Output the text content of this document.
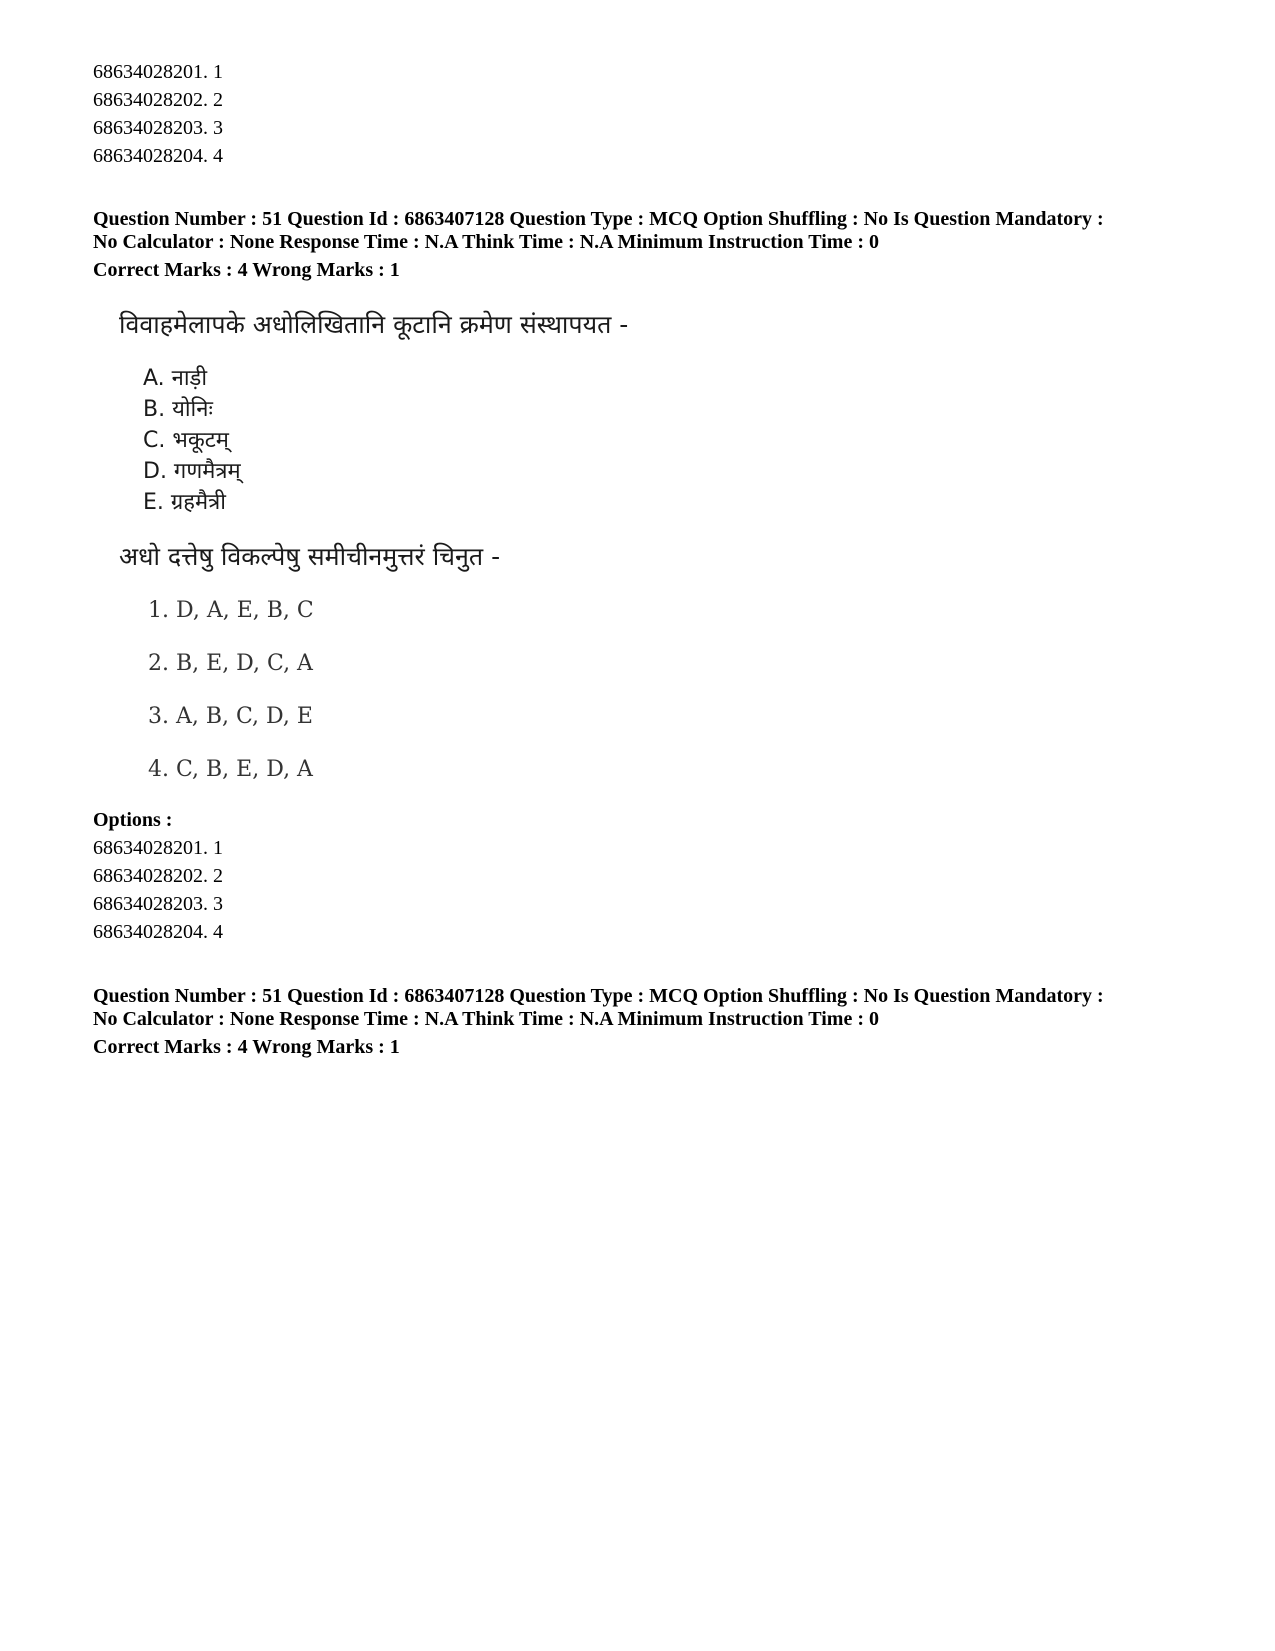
68634028201. 1
68634028202. 2
68634028203. 3
68634028204. 4
Question Number : 51 Question Id : 6863407128 Question Type : MCQ Option Shuffling : No Is Question Mandatory :
No Calculator : None Response Time : N.A Think Time : N.A Minimum Instruction Time : 0
Correct Marks : 4 Wrong Marks : 1
विवाहमेलापके अधोलिखितानि कूटानि क्रमेण संस्थापयत -
A. नाड़ी
B. योनिः
C. भकूटम्
D. गणमैत्रम्
E. ग्रहमैत्री
अधो दत्तेषु विकल्पेषु समीचीनमुत्तरं चिनुत -
1. D, A, E, B, C
2. B, E, D, C, A
3. A, B, C, D, E
4. C, B, E, D, A
Options :
68634028201. 1
68634028202. 2
68634028203. 3
68634028204. 4
Question Number : 51 Question Id : 6863407128 Question Type : MCQ Option Shuffling : No Is Question Mandatory :
No Calculator : None Response Time : N.A Think Time : N.A Minimum Instruction Time : 0
Correct Marks : 4 Wrong Marks : 1
